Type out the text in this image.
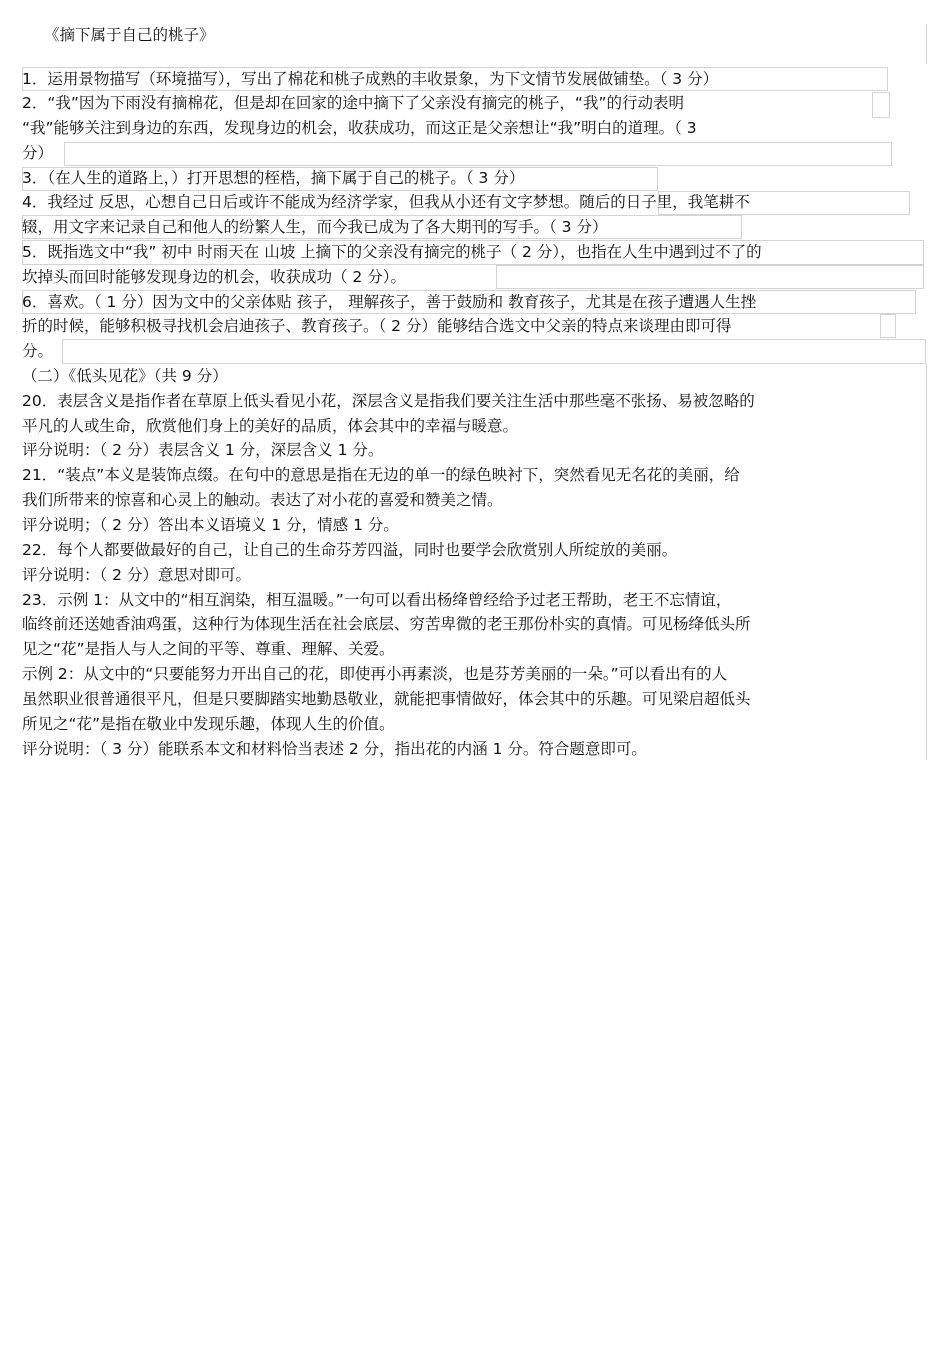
《摘下属于自己的桃子》
1．运用景物描写（环境描写），写出了棉花和桃子成熟的丰收景象，为下文情节发展做铺垫。（ 3 分）
2．“我”因为下雨没有摘棉花，但是却在回家的途中摘下了父亲没有摘完的桃子，“我”的行动表明
“我”能够关注到身边的东西，发现身边的机会，收获成功，而这正是父亲想让“我”明白的道理。（ 3
分）
3．（在人生的道路上，）打开思想的桎梏，摘下属于自己的桃子。（ 3 分）
4．我经过 反思，心想自己日后或许不能成为经济学家，但我从小还有文字梦想。随后的日子里，我笔耕不
辍，用文字来记录自己和他人的纷繁人生，而今我已成为了各大期刊的写手。（ 3 分）
5．既指选文中“我” 初中 时雨天在 山坡 上摘下的父亲没有摘完的桃子（ 2 分），也指在人生中遇到过不了的
坎掉头而回时能够发现身边的机会，收获成功（ 2 分）。
6．喜欢。（ 1 分）因为文中的父亲体贴 孩子， 理解孩子，善于鼓励和 教育孩子，尤其是在孩子遭遇人生挫
折的时候，能够积极寻找机会启迪孩子、教育孩子。（ 2 分）能够结合选文中父亲的特点来谈理由即可得
分。
（二）《低头见花》（共 9 分）
20．表层含义是指作者在草原上低头看见小花，深层含义是指我们要关注生活中那些毫不张扬、易被忽略的
平凡的人或生命，欣赏他们身上的美好的品质，体会其中的幸福与暖意。
评分说明：（ 2 分）表层含义 1 分，深层含义 1 分。
21．“装点”本义是装饰点缀。在句中的意思是指在无边的单一的绿色映衬下，突然看见无名花的美丽，给
我们所带来的惊喜和心灵上的触动。表达了对小花的喜爱和赞美之情。
评分说明；（ 2 分）答出本义语境义 1 分，情感 1 分。
22．每个人都要做最好的自己，让自己的生命芬芳四溢，同时也要学会欣赏别人所绽放的美丽。
评分说明：（ 2 分）意思对即可。
23．示例 1：从文中的“相互润染，相互温暖。”一句可以看出杨绛曾经给予过老王帮助，老王不忘情谊，
临终前还送她香油鸡蛋，这种行为体现生活在社会底层、穷苦卑微的老王那份朴实的真情。可见杨绛低头所
见之“花”是指人与人之间的平等、尊重、理解、关爱。
示例 2：从文中的“只要能努力开出自己的花，即使再小再素淡，也是芬芳美丽的一朵。”可以看出有的人
虽然职业很普通很平凡，但是只要脚踏实地勤恳敬业，就能把事情做好，体会其中的乐趣。可见梁启超低头
所见之“花”是指在敬业中发现乐趣，体现人生的价值。
评分说明：（ 3 分）能联系本文和材料恰当表述 2 分，指出花的内涵 1 分。符合题意即可。
